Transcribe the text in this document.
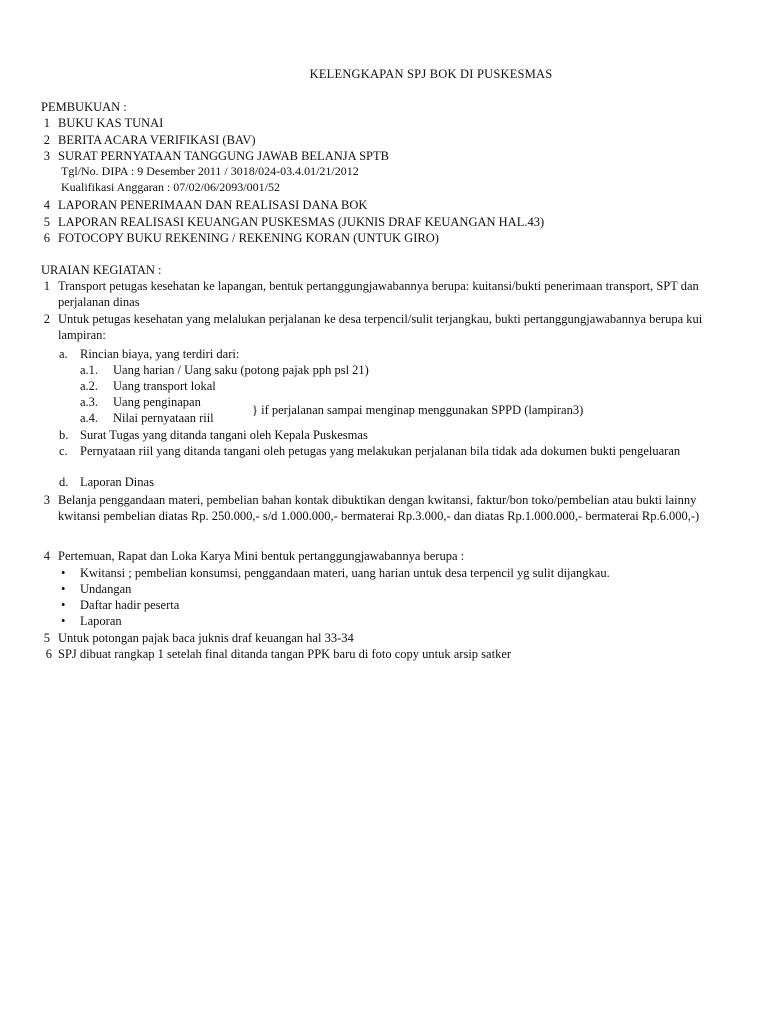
KELENGKAPAN SPJ BOK DI PUSKESMAS
PEMBUKUAN :
1 BUKU KAS TUNAI
2 BERITA ACARA VERIFIKASI (BAV)
3 SURAT PERNYATAAN TANGGUNG JAWAB BELANJA SPTB
Tgl/No. DIPA : 9 Desember 2011 / 3018/024-03.4.01/21/2012
Kualifikasi Anggaran : 07/02/06/2093/001/52
4 LAPORAN PENERIMAAN DAN REALISASI DANA BOK
5 LAPORAN REALISASI KEUANGAN PUSKESMAS (JUKNIS DRAF KEUANGAN HAL.43)
6 FOTOCOPY BUKU REKENING / REKENING KORAN (UNTUK GIRO)
URAIAN KEGIATAN :
1 Transport petugas kesehatan ke lapangan, bentuk pertanggungjawabannya berupa: kuitansi/bukti penerimaan transport, SPT dan
perjalanan dinas
2 Untuk petugas kesehatan yang melalukan perjalanan ke desa terpencil/sulit terjangkau, bukti pertanggungjawabannya berupa kui
lampiran:
a. Rincian biaya, yang terdiri dari:
a.1. Uang harian / Uang saku (potong pajak pph psl 21)
a.2. Uang transport lokal
a.3. Uang penginapan
} if perjalanan sampai menginap menggunakan SPPD (lampiran3)
a.4. Nilai pernyataan riil
b. Surat Tugas yang ditanda tangani oleh Kepala Puskesmas
c. Pernyataan riil yang ditanda tangani oleh petugas yang melakukan perjalanan bila tidak ada dokumen bukti pengeluaran
d. Laporan Dinas
3 Belanja penggandaan materi, pembelian bahan kontak dibuktikan dengan kwitansi, faktur/bon toko/pembelian atau bukti lainny
kwitansi pembelian diatas Rp. 250.000,- s/d 1.000.000,- bermaterai Rp.3.000,- dan diatas Rp.1.000.000,- bermaterai Rp.6.000,-)
4 Pertemuan, Rapat dan Loka Karya Mini bentuk pertanggungjawabannya berupa :
• Kwitansi ; pembelian konsumsi, penggandaan materi, uang harian untuk desa terpencil yg sulit dijangkau.
• Undangan
• Daftar hadir peserta
• Laporan
5 Untuk potongan pajak baca juknis draf keuangan hal 33-34
6 SPJ dibuat rangkap 1 setelah final ditanda tangan PPK baru di foto copy untuk arsip satker
